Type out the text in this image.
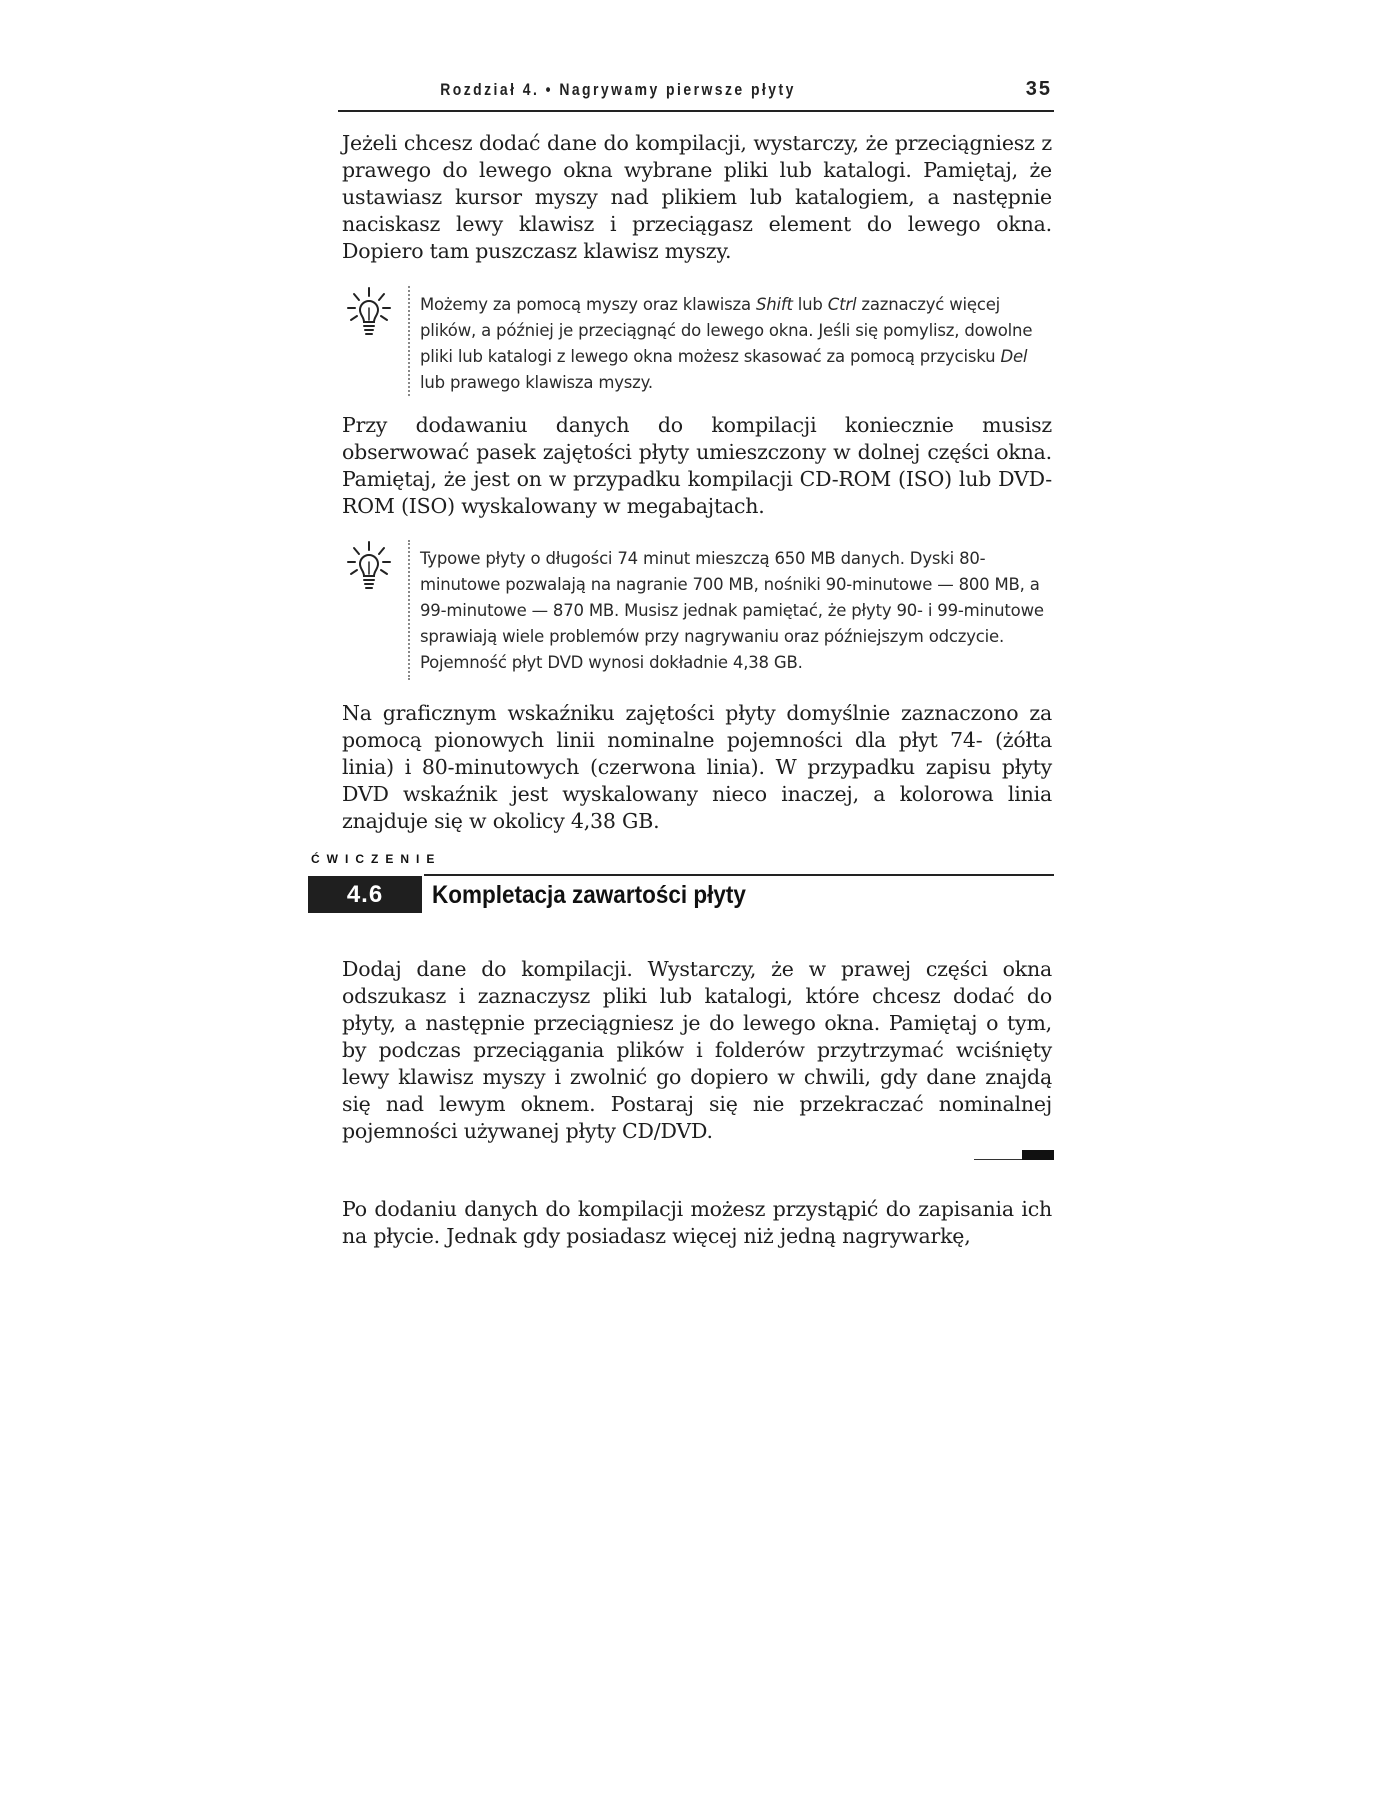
Rozdział 4. • Nagrywamy pierwsze płyty	35

Jeżeli chcesz dodać dane do kompilacji, wystarczy, że przeciągniesz z prawego do lewego okna wybrane pliki lub katalogi. Pamiętaj, że ustawiasz kursor myszy nad plikiem lub katalogiem, a następnie naciskasz lewy klawisz i przeciągasz element do lewego okna. Dopiero tam puszczasz klawisz myszy.

Możemy za pomocą myszy oraz klawisza Shift lub Ctrl zaznaczyć więcej plików, a później je przeciągnąć do lewego okna. Jeśli się pomylisz, dowolne pliki lub katalogi z lewego okna możesz skasować za pomocą przycisku Del lub prawego klawisza myszy.

Przy dodawaniu danych do kompilacji koniecznie musisz obserwować pasek zajętości płyty umieszczony w dolnej części okna. Pamiętaj, że jest on w przypadku kompilacji CD-ROM (ISO) lub DVD-ROM (ISO) wyskalowany w megabajtach.

Typowe płyty o długości 74 minut mieszczą 650 MB danych. Dyski 80-minutowe pozwalają na nagranie 700 MB, nośniki 90-minutowe — 800 MB, a 99-minutowe — 870 MB. Musisz jednak pamiętać, że płyty 90- i 99-minutowe sprawiają wiele problemów przy nagrywaniu oraz późniejszym odczycie. Pojemność płyt DVD wynosi dokładnie 4,38 GB.

Na graficznym wskaźniku zajętości płyty domyślnie zaznaczono za pomocą pionowych linii nominalne pojemności dla płyt 74- (żółta linia) i 80-minutowych (czerwona linia). W przypadku zapisu płyty DVD wskaźnik jest wyskalowany nieco inaczej, a kolorowa linia znajduje się w okolicy 4,38 GB.

ĆWICZENIE
4.6	Kompletacja zawartości płyty

Dodaj dane do kompilacji. Wystarczy, że w prawej części okna odszukasz i zaznaczysz pliki lub katalogi, które chcesz dodać do płyty, a następnie przeciągniesz je do lewego okna. Pamiętaj o tym, by podczas przeciągania plików i folderów przytrzymać wciśnięty lewy klawisz myszy i zwolnić go dopiero w chwili, gdy dane znajdą się nad lewym oknem. Postaraj się nie przekraczać nominalnej pojemności używanej płyty CD/DVD.

Po dodaniu danych do kompilacji możesz przystąpić do zapisania ich na płycie. Jednak gdy posiadasz więcej niż jedną nagrywarkę,
